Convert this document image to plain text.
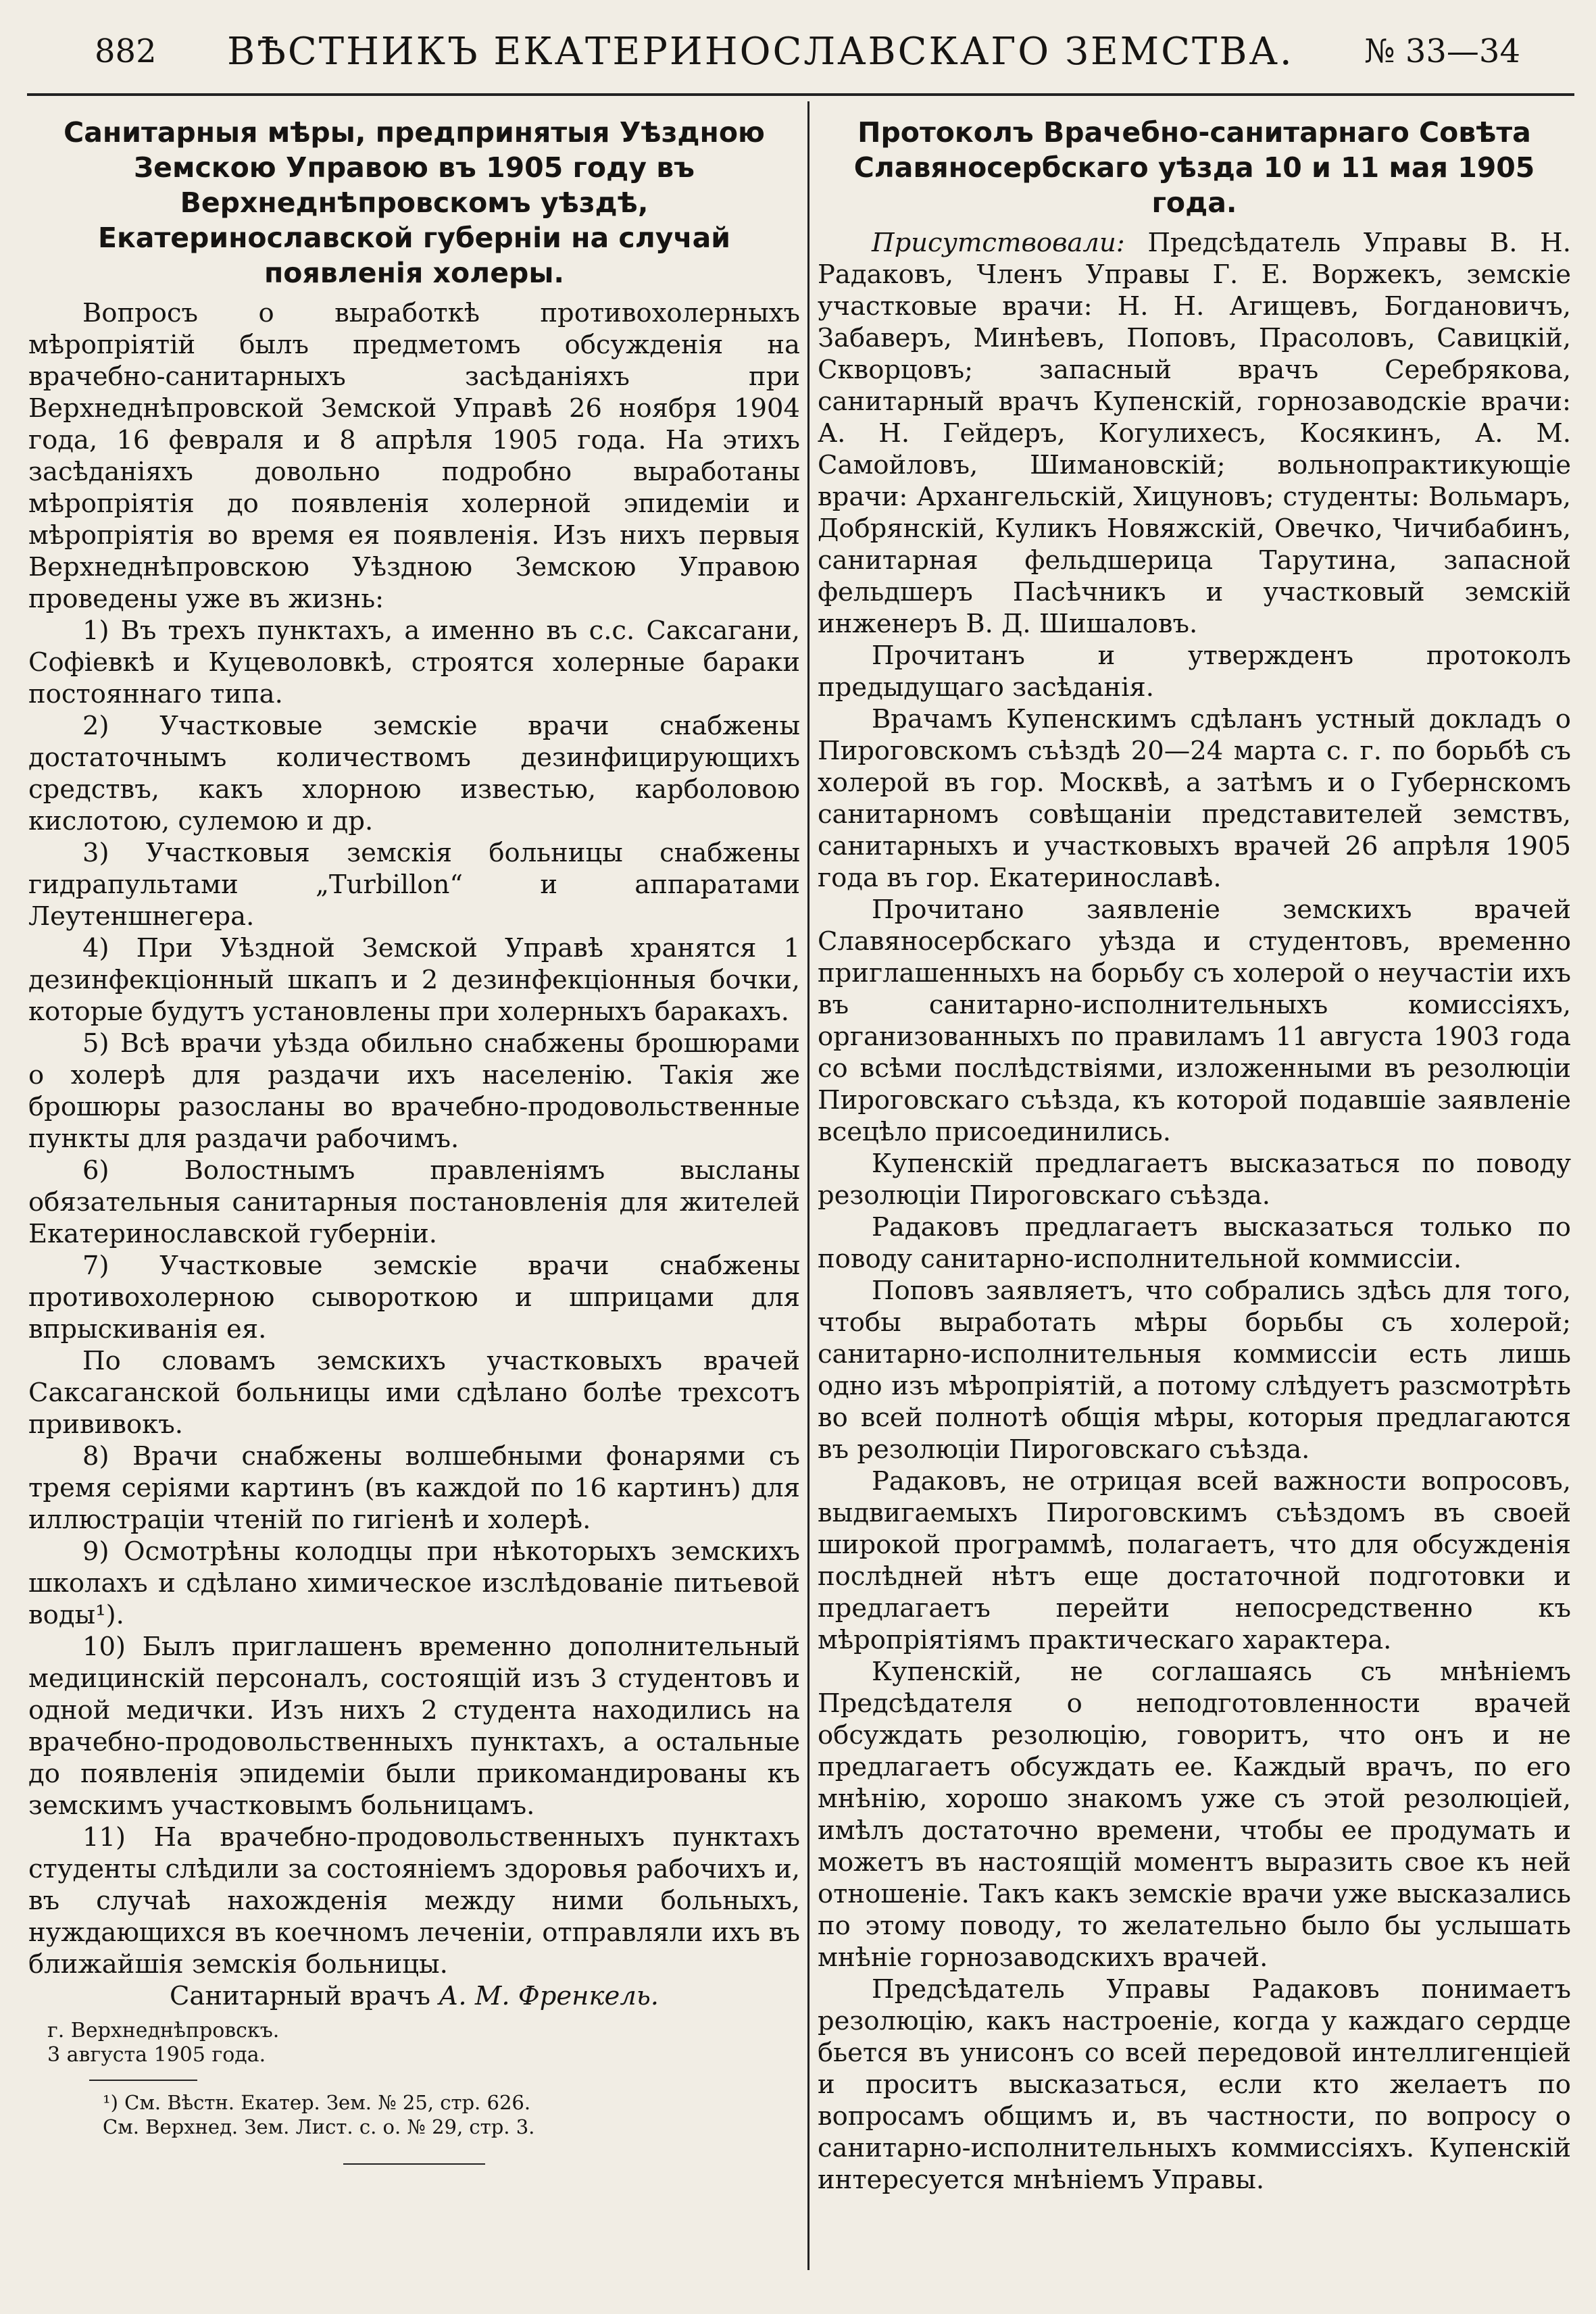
882 ВѢСТНИКЪ ЕКАТЕРИНОСЛАВСКАГО ЗЕМСТВА. № 33—34
Санитарныя мѣры, предпринятыя Уѣздною Земскою Управою въ 1905 году въ Верхнеднѣпровскомъ уѣздѣ, Екатеринославской губерніи на случай появленія холеры.

Вопросъ о выработкѣ противохолерныхъ мѣропріятій былъ предметомъ обсужденія на врачебно-санитарныхъ засѣданіяхъ при Верхнеднѣпровской Земской Управѣ 26 ноября 1904 года, 16 февраля и 8 апрѣля 1905 года. На этихъ засѣданіяхъ довольно подробно выработаны мѣропріятія до появленія холерной эпидеміи и мѣропріятія во время ея появленія. Изъ нихъ первыя Верхнеднѣпровскою Уѣздною Земскою Управою проведены уже въ жизнь:

1) Въ трехъ пунктахъ, а именно въ с.с. Саксагани, Софіевкѣ и Куцеволовкѣ, строятся холерные бараки постояннаго типа.

2) Участковые земскіе врачи снабжены достаточнымъ количествомъ дезинфицирующихъ средствъ, какъ хлорною известью, карболовою кислотою, сулемою и др.

3) Участковыя земскія больницы снабжены гидрапультами „Turbillon“ и аппаратами Леутеншнегера.

4) При Уѣздной Земской Управѣ хранятся 1 дезинфекціонный шкапъ и 2 дезинфекціонныя бочки, которые будутъ установлены при холерныхъ баракахъ.

5) Всѣ врачи уѣзда обильно снабжены брошюрами о холерѣ для раздачи ихъ населенію. Такія же брошюры разосланы во врачебно-продовольственные пункты для раздачи рабочимъ.

6) Волостнымъ правленіямъ высланы обязательныя санитарныя постановленія для жителей Екатеринославской губерніи.

7) Участковые земскіе врачи снабжены противохолерною сывороткою и шприцами для впрыскиванія ея.

По словамъ земскихъ участковыхъ врачей Саксаганской больницы ими сдѣлано болѣе трехсотъ прививокъ.

8) Врачи снабжены волшебными фонарями съ тремя серіями картинъ (въ каждой по 16 картинъ) для иллюстраціи чтеній по гигіенѣ и холерѣ.

9) Осмотрѣны колодцы при нѣкоторыхъ земскихъ школахъ и сдѣлано химическое изслѣдованіе питьевой воды¹).

10) Былъ приглашенъ временно дополнительный медицинскій персоналъ, состоящій изъ 3 студентовъ и одной медички. Изъ нихъ 2 студента находились на врачебно-продовольственныхъ пунктахъ, а остальные до появленія эпидеміи были прикомандированы къ земскимъ участковымъ больницамъ.

11) На врачебно-продовольственныхъ пунктахъ студенты слѣдили за состояніемъ здоровья рабочихъ и, въ случаѣ нахожденія между ними больныхъ, нуждающихся въ коечномъ леченіи, отправляли ихъ въ ближайшія земскія больницы.

Санитарный врачъ А. М. Френкель.

г. Верхнеднѣпровскъ.
3 августа 1905 года.
¹) См. Вѣстн. Екатер. Зем. № 25, стр. 626.
См. Верхнед. Зем. Лист. с. о. № 29, стр. 3.
Протоколъ Врачебно-санитарнаго Совѣта Славяносербскаго уѣзда 10 и 11 мая 1905 года.

Присутствовали: Предсѣдатель Управы В. Н. Радаковъ, Членъ Управы Г. Е. Воржекъ, земскіе участковые врачи: Н. Н. Агищевъ, Богдановичъ, Забаверъ, Минѣевъ, Поповъ, Прасоловъ, Савицкій, Скворцовъ; запасный врачъ Серебрякова, санитарный врачъ Купенскій, горнозаводскіе врачи: А. Н. Гейдеръ, Когулихесъ, Косякинъ, А. М. Самойловъ, Шимановскій; вольнопрактикующіе врачи: Архангельскій, Хицуновъ; студенты: Вольмаръ, Добрянскій, Куликъ Новяжскій, Овечко, Чичибабинъ, санитарная фельдшерица Тарутина, запасной фельдшеръ Пасѣчникъ и участковый земскій инженеръ В. Д. Шишаловъ.

Прочитанъ и утвержденъ протоколъ предыдущаго засѣданія.

Врачамъ Купенскимъ сдѣланъ устный докладъ о Пироговскомъ съѣздѣ 20—24 марта с. г. по борьбѣ съ холерой въ гор. Москвѣ, а затѣмъ и о Губернскомъ санитарномъ совѣщаніи представителей земствъ, санитарныхъ и участковыхъ врачей 26 апрѣля 1905 года въ гор. Екатеринославѣ.

Прочитано заявленіе земскихъ врачей Славяносербскаго уѣзда и студентовъ, временно приглашенныхъ на борьбу съ холерой о неучастіи ихъ въ санитарно-исполнительныхъ комиссіяхъ, организованныхъ по правиламъ 11 августа 1903 года со всѣми послѣдствіями, изложенными въ резолюціи Пироговскаго съѣзда, къ которой подавшіе заявленіе всецѣло присоединились.

Купенскій предлагаетъ высказаться по поводу резолюціи Пироговскаго съѣзда.

Радаковъ предлагаетъ высказаться только по поводу санитарно-исполнительной коммиссіи.

Поповъ заявляетъ, что собрались здѣсь для того, чтобы выработать мѣры борьбы съ холерой; санитарно-исполнительныя коммиссіи есть лишь одно изъ мѣропріятій, а потому слѣдуетъ разсмотрѣть во всей полнотѣ общія мѣры, которыя предлагаются въ резолюціи Пироговскаго съѣзда.

Радаковъ, не отрицая всей важности вопросовъ, выдвигаемыхъ Пироговскимъ съѣздомъ въ своей широкой программѣ, полагаетъ, что для обсужденія послѣдней нѣтъ еще достаточной подготовки и предлагаетъ перейти непосредственно къ мѣропріятіямъ практическаго характера.

Купенскій, не соглашаясь съ мнѣніемъ Предсѣдателя о неподготовленности врачей обсуждать резолюцію, говоритъ, что онъ и не предлагаетъ обсуждать ее. Каждый врачъ, по его мнѣнію, хорошо знакомъ уже съ этой резолюціей, имѣлъ достаточно времени, чтобы ее продумать и можетъ въ настоящій моментъ выразить свое къ ней отношеніе. Такъ какъ земскіе врачи уже высказались по этому поводу, то желательно было бы услышать мнѣніе горнозаводскихъ врачей.

Предсѣдатель Управы Радаковъ понимаетъ резолюцію, какъ настроеніе, когда у каждаго сердце бьется въ унисонъ со всей передовой интеллигенціей и проситъ высказаться, если кто желаетъ по вопросамъ общимъ и, въ частности, по вопросу о санитарно-исполнительныхъ коммиссіяхъ. Купенскій интересуется мнѣніемъ Управы.
